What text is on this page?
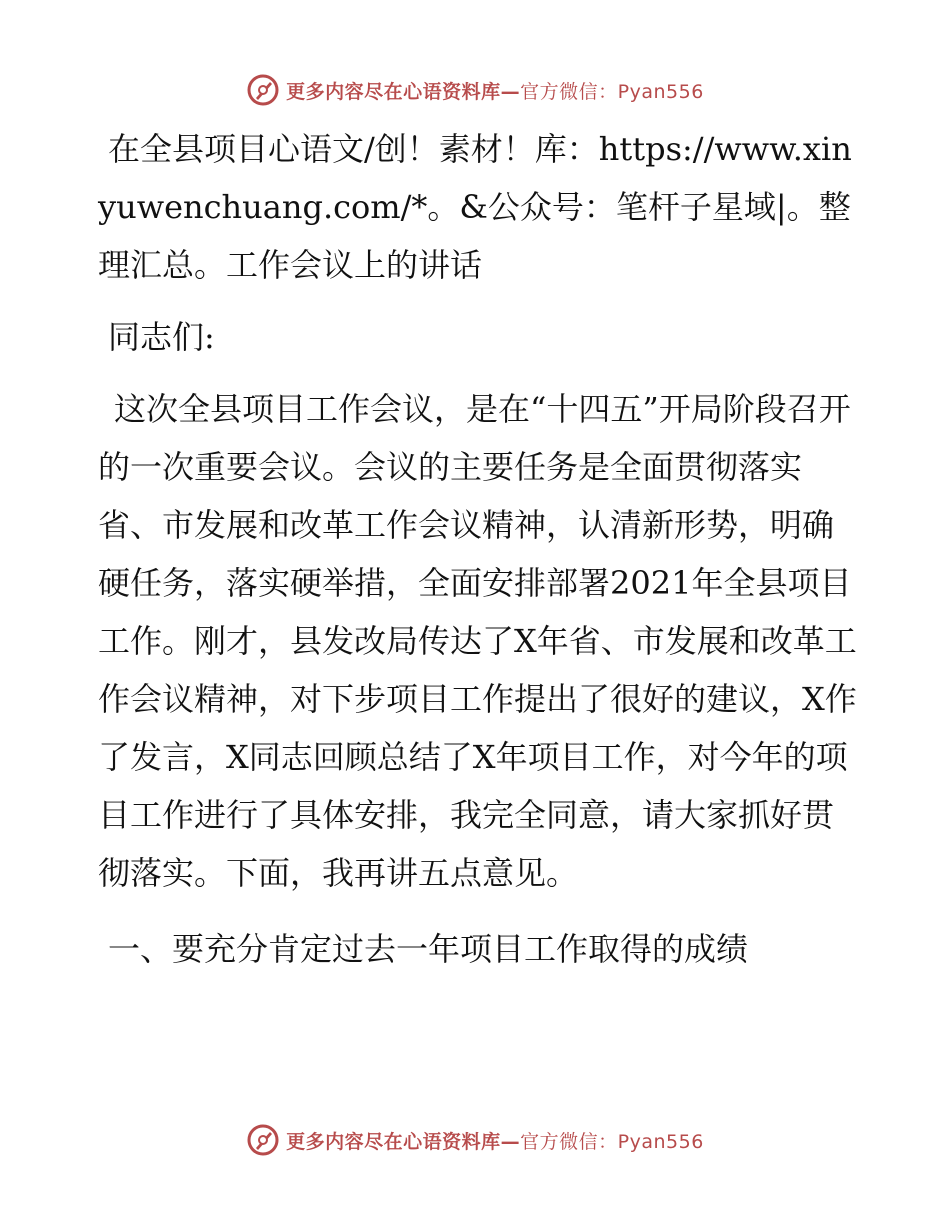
更多内容尽在心语资料库—官方微信：Pyan556

在全县项目心语文/创！素材！库：https://www.xinyuwenchuang.com/*。&公众号：笔杆子星域|。整理汇总。工作会议上的讲话

同志们:

这次全县项目工作会议，是在“十四五”开局阶段召开的一次重要会议。会议的主要任务是全面贯彻落实省、市发展和改革工作会议精神，认清新形势，明确硬任务，落实硬举措，全面安排部署2021年全县项目工作。刚才，县发改局传达了X年省、市发展和改革工作会议精神，对下步项目工作提出了很好的建议，X作了发言，X同志回顾总结了X年项目工作，对今年的项目工作进行了具体安排，我完全同意，请大家抓好贯彻落实。下面，我再讲五点意见。

一、要充分肯定过去一年项目工作取得的成绩

更多内容尽在心语资料库—官方微信：Pyan556
